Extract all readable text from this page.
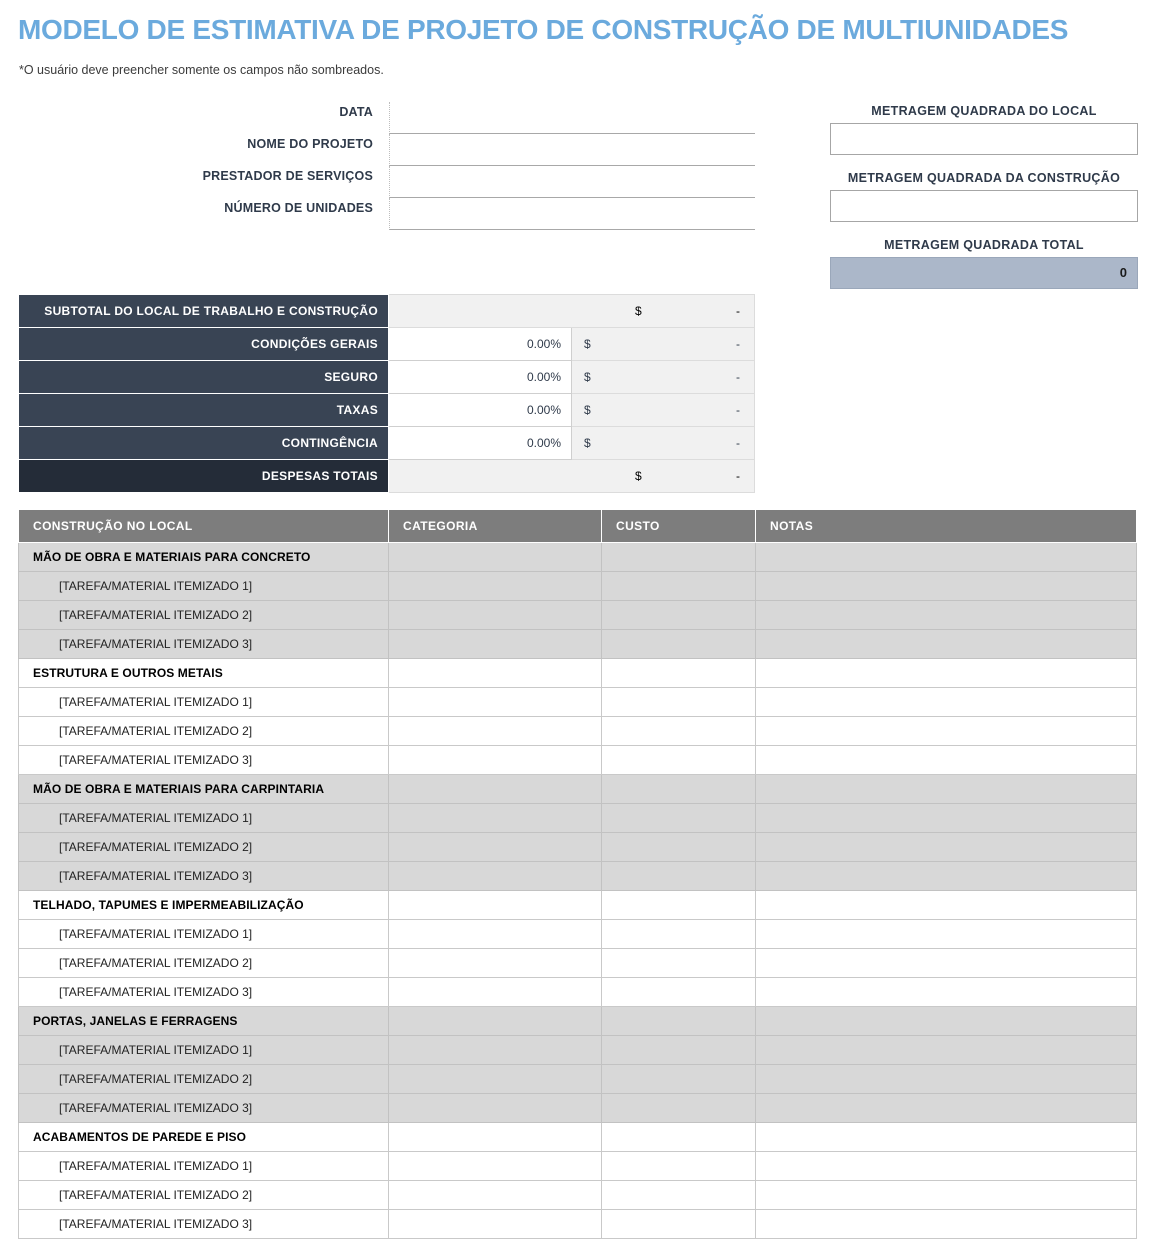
MODELO DE ESTIMATIVA DE PROJETO DE CONSTRUÇÃO DE MULTIUNIDADES
*O usuário deve preencher somente os campos não sombreados.
DATA
NOME DO PROJETO
PRESTADOR DE SERVIÇOS
NÚMERO DE UNIDADES
METRAGEM QUADRADA DO LOCAL
METRAGEM QUADRADA DA CONSTRUÇÃO
METRAGEM QUADRADA TOTAL
0
SUBTOTAL DO LOCAL DE TRABALHO E CONSTRUÇÃO	$ -	

CONDIÇÕES GERAIS	0.00%	$ -

SEGURO	0.00%	$ -

TAXAS	0.00%	$ -

CONTINGÊNCIA	0.00%	$ -

DESPESAS TOTAIS	$ -	
CONSTRUÇÃO NO LOCAL	CATEGORIA	CUSTO	NOTAS
MÃO DE OBRA E MATERIAIS PARA CONCRETO			
[TAREFA/MATERIAL ITEMIZADO 1]			
[TAREFA/MATERIAL ITEMIZADO 2]			
[TAREFA/MATERIAL ITEMIZADO 3]			
ESTRUTURA E OUTROS METAIS			
[TAREFA/MATERIAL ITEMIZADO 1]			
[TAREFA/MATERIAL ITEMIZADO 2]			
[TAREFA/MATERIAL ITEMIZADO 3]			
MÃO DE OBRA E MATERIAIS PARA CARPINTARIA			
[TAREFA/MATERIAL ITEMIZADO 1]			
[TAREFA/MATERIAL ITEMIZADO 2]			
[TAREFA/MATERIAL ITEMIZADO 3]			
TELHADO, TAPUMES E IMPERMEABILIZAÇÃO			
[TAREFA/MATERIAL ITEMIZADO 1]			
[TAREFA/MATERIAL ITEMIZADO 2]			
[TAREFA/MATERIAL ITEMIZADO 3]			
PORTAS, JANELAS E FERRAGENS			
[TAREFA/MATERIAL ITEMIZADO 1]			
[TAREFA/MATERIAL ITEMIZADO 2]			
[TAREFA/MATERIAL ITEMIZADO 3]			
ACABAMENTOS DE PAREDE E PISO			
[TAREFA/MATERIAL ITEMIZADO 1]			
[TAREFA/MATERIAL ITEMIZADO 2]			
[TAREFA/MATERIAL ITEMIZADO 3]			
